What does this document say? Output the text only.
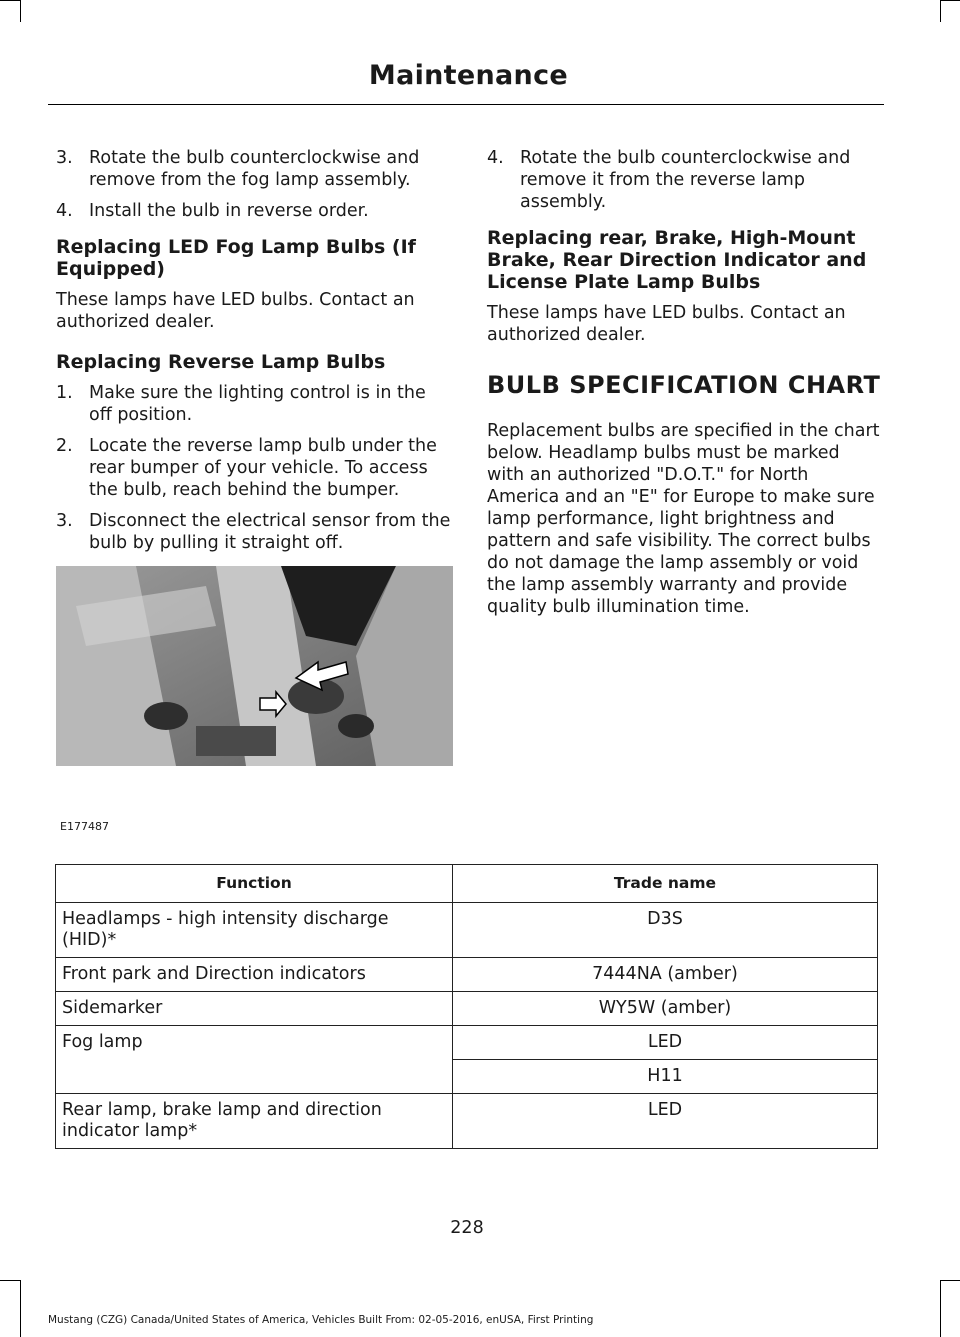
Maintenance
3. Rotate the bulb counterclockwise and remove from the fog lamp assembly.
4. Install the bulb in reverse order.
Replacing LED Fog Lamp Bulbs (If Equipped)

These lamps have LED bulbs. Contact an authorized dealer.

Replacing Reverse Lamp Bulbs
1. Make sure the lighting control is in the off position.
2. Locate the reverse lamp bulb under the rear bumper of your vehicle. To access the bulb, reach behind the bumper.
3. Disconnect the electrical sensor from the bulb by pulling it straight off.
4. Rotate the bulb counterclockwise and remove it from the reverse lamp assembly.
Replacing rear, Brake, High-Mount Brake, Rear Direction Indicator and License Plate Lamp Bulbs

These lamps have LED bulbs. Contact an authorized dealer.

BULB SPECIFICATION CHART

Replacement bulbs are specified in the chart below. Headlamp bulbs must be marked with an authorized "D.O.T." for North America and an "E" for Europe to make sure lamp performance, light brightness and pattern and safe visibility. The correct bulbs do not damage the lamp assembly or void the lamp assembly warranty and provide quality bulb illumination time.

E177487
Function	Trade name
Headlamps - high intensity discharge (HID)*	D3S
Front park and Direction indicators	7444NA (amber)
Sidemarker	WY5W (amber)
Fog lamp	LED
	H11
Rear lamp, brake lamp and direction indicator lamp*	LED
228
Mustang (CZG) Canada/United States of America, Vehicles Built From: 02-05-2016, enUSA, First Printing
